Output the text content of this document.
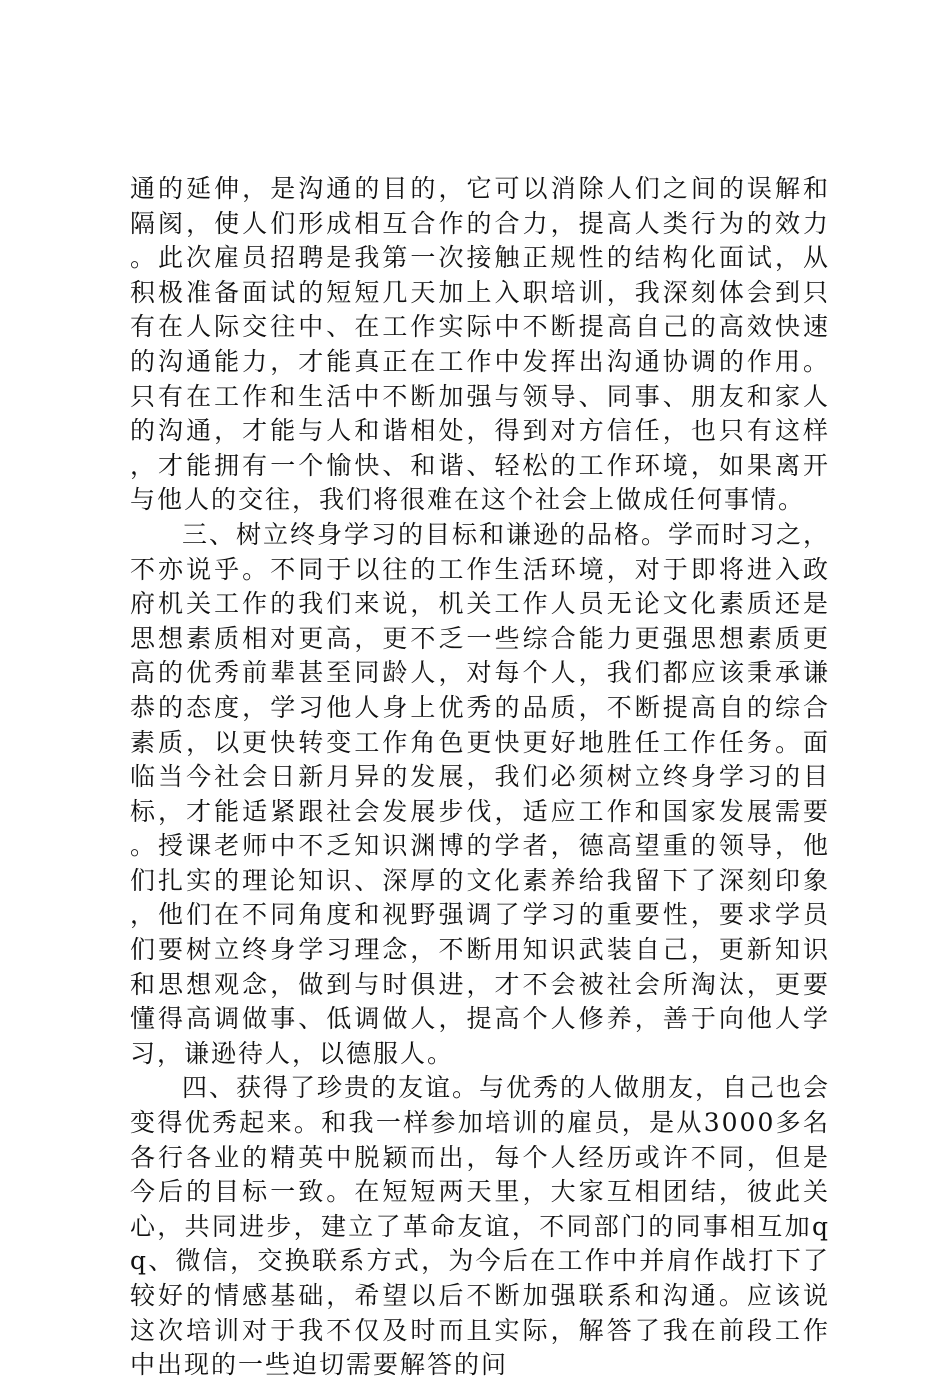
通的延伸，是沟通的目的，它可以消除人们之间的误解和隔阂，使人们形成相互合作的合力，提高人类行为的效力。此次雇员招聘是我第一次接触正规性的结构化面试，从积极准备面试的短短几天加上入职培训，我深刻体会到只有在人际交往中、在工作实际中不断提高自己的高效快速的沟通能力，才能真正在工作中发挥出沟通协调的作用。只有在工作和生活中不断加强与领导、同事、朋友和家人的沟通，才能与人和谐相处，得到对方信任，也只有这样，才能拥有一个愉快、和谐、轻松的工作环境，如果离开与他人的交往，我们将很难在这个社会上做成任何事情。

三、树立终身学习的目标和谦逊的品格。学而时习之，不亦说乎。不同于以往的工作生活环境，对于即将进入政府机关工作的我们来说，机关工作人员无论文化素质还是思想素质相对更高，更不乏一些综合能力更强思想素质更高的优秀前辈甚至同龄人，对每个人，我们都应该秉承谦恭的态度，学习他人身上优秀的品质，不断提高自的综合素质，以更快转变工作角色更快更好地胜任工作任务。面临当今社会日新月异的发展，我们必须树立终身学习的目标，才能适紧跟社会发展步伐，适应工作和国家发展需要。授课老师中不乏知识渊博的学者，德高望重的领导，他们扎实的理论知识、深厚的文化素养给我留下了深刻印象，他们在不同角度和视野强调了学习的重要性，要求学员们要树立终身学习理念，不断用知识武装自己，更新知识和思想观念，做到与时俱进，才不会被社会所淘汰，更要懂得高调做事、低调做人，提高个人修养，善于向他人学习，谦逊待人，以德服人。

四、获得了珍贵的友谊。与优秀的人做朋友，自己也会变得优秀起来。和我一样参加培训的雇员，是从3000多名各行各业的精英中脱颖而出，每个人经历或许不同，但是今后的目标一致。在短短两天里，大家互相团结，彼此关心，共同进步，建立了革命友谊，不同部门的同事相互加qq、微信，交换联系方式，为今后在工作中并肩作战打下了较好的情感基础，希望以后不断加强联系和沟通。应该说这次培训对于我不仅及时而且实际，解答了我在前段工作中出现的一些迫切需要解答的问
